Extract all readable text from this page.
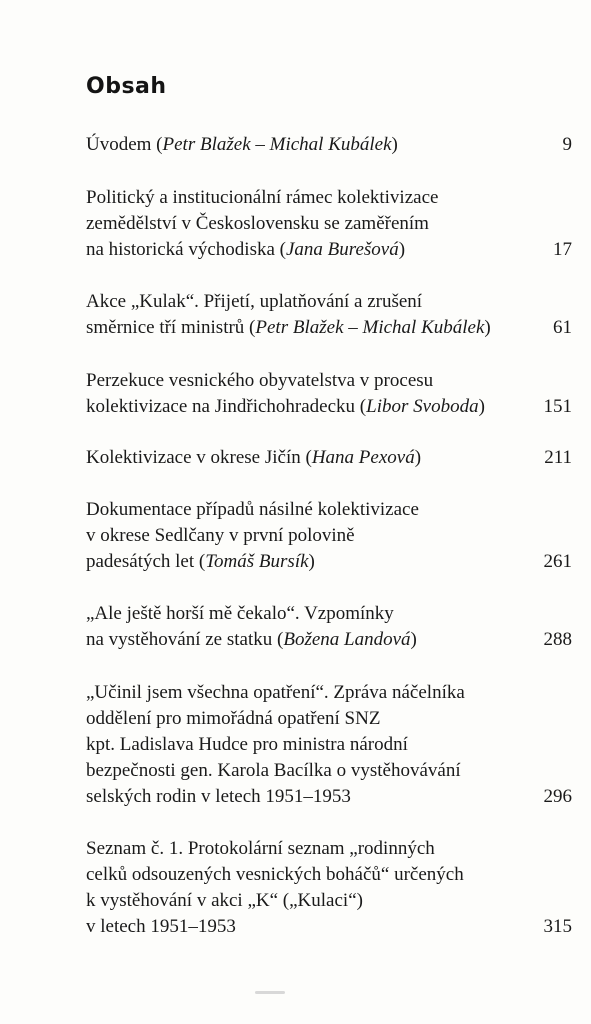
Obsah
Úvodem (Petr Blažek – Michal Kubálek)	9
Politický a institucionální rámec kolektivizace
zemědělství v Československu se zaměřením
na historická východiska (Jana Burešová)	17
Akce „Kulak“. Přijetí, uplatňování a zrušení
směrnice tří ministrů (Petr Blažek – Michal Kubálek)	61
Perzekuce vesnického obyvatelstva v procesu
kolektivizace na Jindřichohradecku (Libor Svoboda)	151
Kolektivizace v okrese Jičín (Hana Pexová)	211
Dokumentace případů násilné kolektivizace
v okrese Sedlčany v první polovině
padesátých let (Tomáš Bursík)	261
„Ale ještě horší mě čekalo“. Vzpomínky
na vystěhování ze statku (Božena Landová)	288
„Učinil jsem všechna opatření“. Zpráva náčelníka
oddělení pro mimořádná opatření SNZ
kpt. Ladislava Hudce pro ministra národní
bezpečnosti gen. Karola Bacílka o vystěhovávání
selských rodin v letech 1951–1953	296
Seznam č. 1. Protokolární seznam „rodinných
celků odsouzených vesnických boháčů“ určených
k vystěhování v akci „K“ („Kulaci“)
v letech 1951–1953	315
